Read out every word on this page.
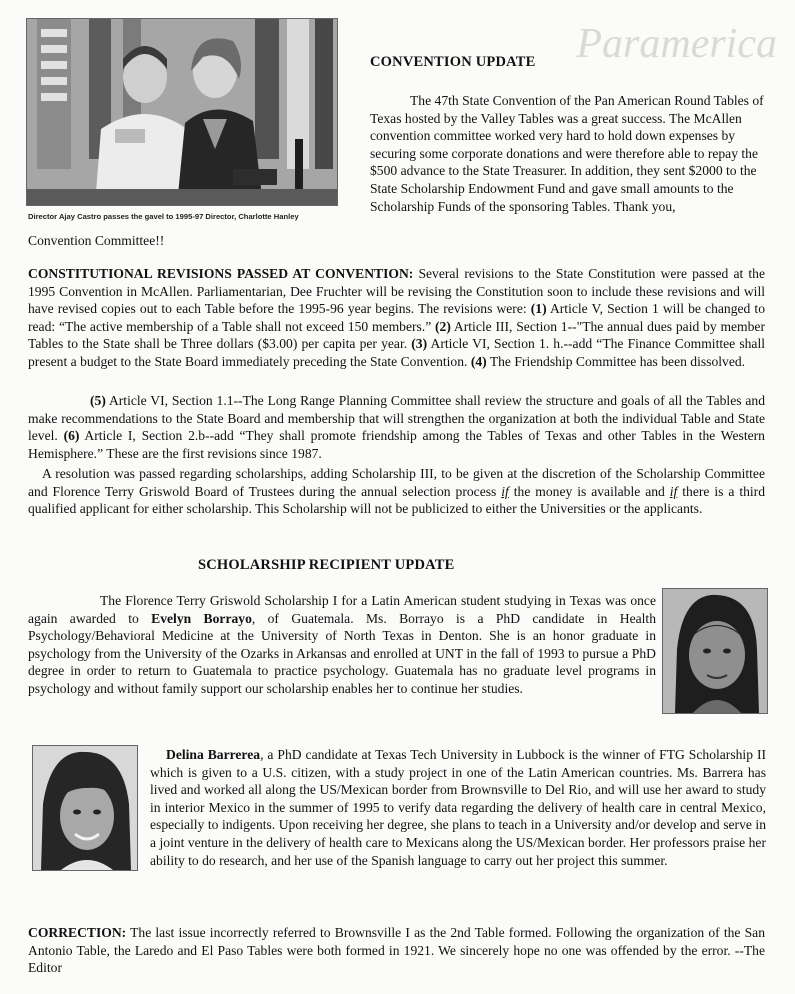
Paramerica
Director Ajay Castro passes the gavel to 1995-97 Director, Charlotte Hanley
CONVENTION UPDATE

The 47th State Convention of the Pan American Round Tables of Texas hosted by the Valley Tables was a great success. The McAllen convention committee worked very hard to hold down expenses by securing some corporate donations and were therefore able to repay the $500 advance to the State Treasurer. In addition, they sent $2000 to the State Scholarship Endowment Fund and gave small amounts to the Scholarship Funds of the sponsoring Tables. Thank you,

Convention Committee!!

CONSTITUTIONAL REVISIONS PASSED AT CONVENTION: Several revisions to the State Constitution were passed at the 1995 Convention in McAllen. Parliamentarian, Dee Fruchter will be revising the Constitution soon to include these revisions and will have revised copies out to each Table before the 1995-96 year begins. The revisions were: (1) Article V, Section 1 will be changed to read: “The active membership of a Table shall not exceed 150 members.” (2) Article III, Section 1--"The annual dues paid by member Tables to the State shall be Three dollars ($3.00) per capita per year. (3) Article VI, Section 1. h.--add “The Finance Committee shall present a budget to the State Board immediately preceding the State Convention. (4) The Friendship Committee has been dissolved.

(5) Article VI, Section 1.1--The Long Range Planning Committee shall review the structure and goals of all the Tables and make recommendations to the State Board and membership that will strengthen the organization at both the individual Table and State level. (6) Article I, Section 2.b--add “They shall promote friendship among the Tables of Texas and other Tables in the Western Hemisphere.” These are the first revisions since 1987.

A resolution was passed regarding scholarships, adding Scholarship III, to be given at the discretion of the Scholarship Committee and Florence Terry Griswold Board of Trustees during the annual selection process if the money is available and if there is a third qualified applicant for either scholarship. This Scholarship will not be publicized to either the Universities or the applicants.

SCHOLARSHIP RECIPIENT UPDATE

The Florence Terry Griswold Scholarship I for a Latin American student studying in Texas was once again awarded to Evelyn Borrayo, of Guatemala. Ms. Borrayo is a PhD candidate in Health Psychology/Behavioral Medicine at the University of North Texas in Denton. She is an honor graduate in psychology from the University of the Ozarks in Arkansas and enrolled at UNT in the fall of 1993 to pursue a PhD degree in order to return to Guatemala to practice psychology. Guatemala has no graduate level programs in psychology and without family support our scholarship enables her to continue her studies.

Delina Barrerea, a PhD candidate at Texas Tech University in Lubbock is the winner of FTG Scholarship II which is given to a U.S. citizen, with a study project in one of the Latin American countries. Ms. Barrera has lived and worked all along the US/Mexican border from Brownsville to Del Rio, and will use her award to study in interior Mexico in the summer of 1995 to verify data regarding the delivery of health care in central Mexico, especially to indigents. Upon receiving her degree, she plans to teach in a University and/or develop and serve in a joint venture in the delivery of health care to Mexicans along the US/Mexican border. Her professors praise her ability to do research, and her use of the Spanish language to carry out her project this summer.

CORRECTION: The last issue incorrectly referred to Brownsville I as the 2nd Table formed. Following the organization of the San Antonio Table, the Laredo and El Paso Tables were both formed in 1921. We sincerely hope no one was offended by the error. --The Editor
